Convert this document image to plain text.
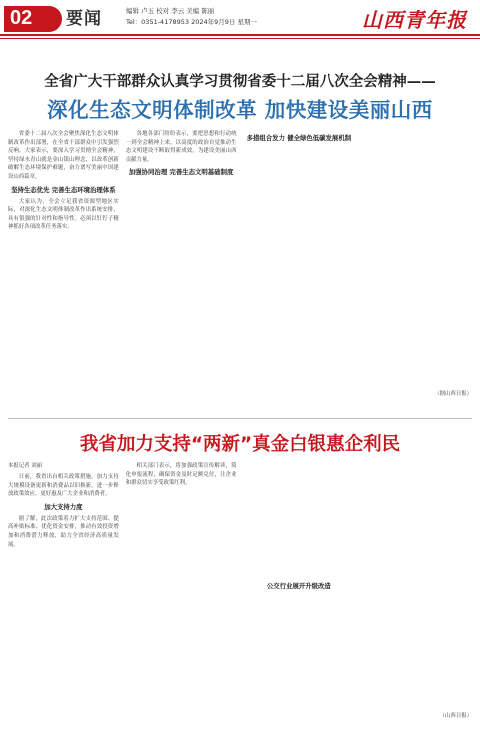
02 要闻	编辑 卢玉 校对 李云 美编 陈丽
Tel：0351-4178953 2024年9月9日 星期一	山西青年报
全省广大干部群众认真学习贯彻省委十二届八次全会精神——
深化生态文明体制改革 加快建设美丽山西

省委十二届八次全会聚焦深化生态文明体制改革作出部署，在全省干部群众中引发强烈反响。大家表示，要深入学习贯彻全会精神，坚持绿水青山就是金山银山理念，以改革创新破解生态环境保护难题，奋力谱写美丽中国建设山西篇章。

坚持生态优先 完善生态环境治理体系

大家认为，全会立足我省资源型地区实际，对深化生态文明体制改革作出系统安排，具有很强的针对性和指导性。必须以钉钉子精神抓好各项改革任务落实。

各地各部门纷纷表示，要把思想和行动统一到全会精神上来，以高度的政治自觉推动生态文明建设不断取得新成效，为建设美丽山西贡献力量。

加强协同治理 完善生态文明基础制度
多措组合发力 健全绿色低碳发展机制
（据山西日报）
我省加力支持“两新”真金白银惠企利民
本报记者 刘丽

日前，我省出台相关政策措施，加力支持大规模设备更新和消费品以旧换新，进一步释放政策效应，更好惠及广大企业和消费者。

加大支持力度

据了解，此次政策着力扩大支持范围、提高补贴标准、优化资金安排，推动有效投资增加和消费潜力释放，助力全省经济高质量发展。

相关部门表示，将加强政策宣传解读，简化申报流程，确保资金及时足额兑付，让企业和群众切实享受政策红利。

公交行业展开升级改造
（山西日报）
